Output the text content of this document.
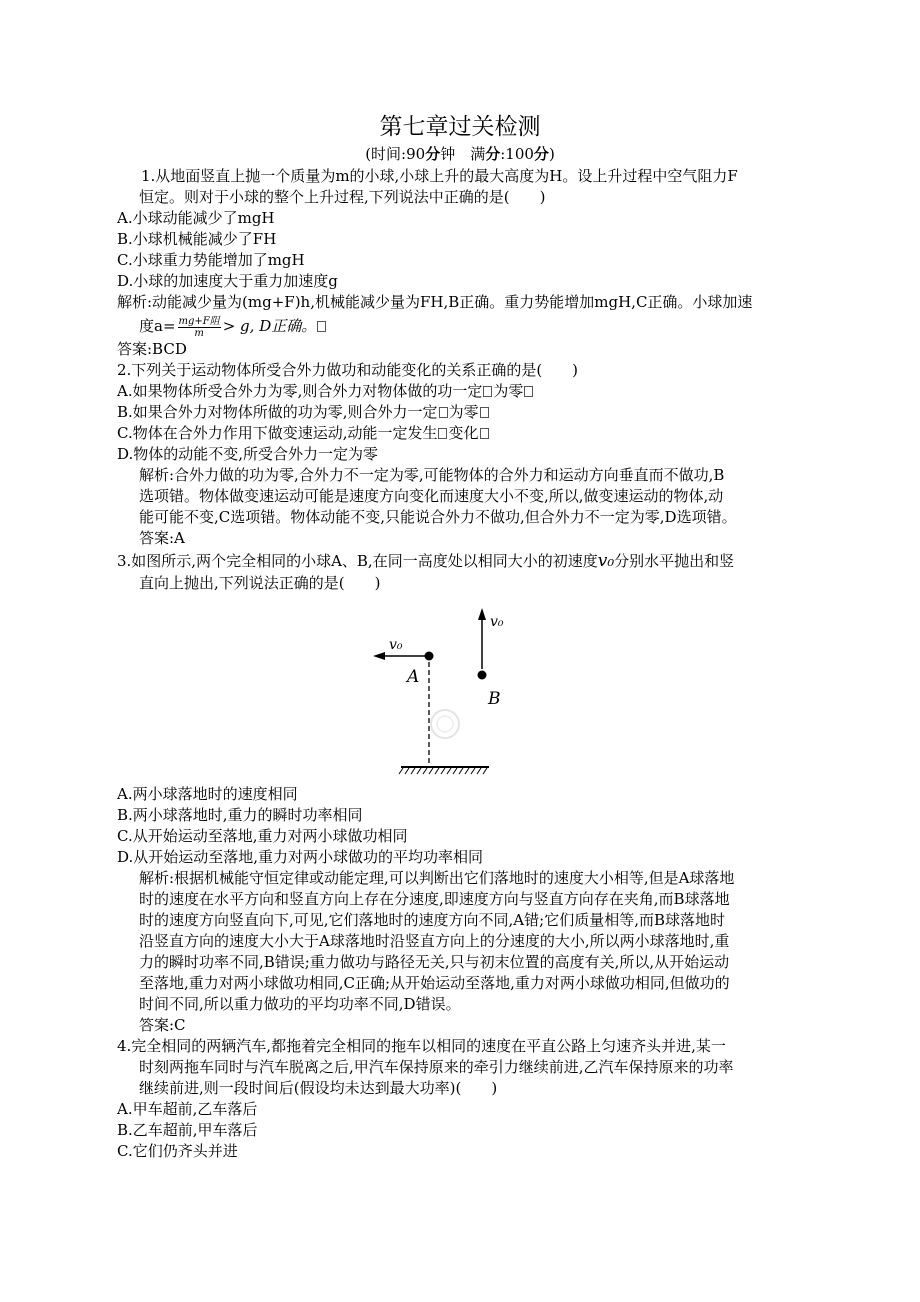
第七章过关检测
(时间:90分钟　满分:100分)

1.从地面竖直上抛一个质量为m的小球,小球上升的最大高度为H。设上升过程中空气阻力F

恒定。则对于小球的整个上升过程,下列说法中正确的是(　　)

A.小球动能减少了mgH

B.小球机械能减少了FH

C.小球重力势能增加了mgH

D.小球的加速度大于重力加速度g

解析:动能减少量为(mg+F)h,机械能减少量为FH,B正确。重力势能增加mgH,C正确。小球加速

度$a= \frac{\text{mg+F阻}}{m} > g$, D正确。

答案:BCD

2.下列关于运动物体所受合外力做功和动能变化的关系正确的是(　　)

A.如果物体所受合外力为零,则合外力对物体做的功一定 为零

B.如果合外力对物体所做的功为零,则合外力一定 为零

C.物体在合外力作用下做变速运动,动能一定发生 变化

D.物体的动能不变,所受合外力一定为零

解析:合外力做的功为零,合外力不一定为零,可能物体的合外力和运动方向垂直而不做功,B

选项错。物体做变速运动可能是速度方向变化而速度大小不变,所以,做变速运动的物体,动

能可能不变,C选项错。物体动能不变,只能说合外力不做功,但合外力不一定为零,D选项错。

答案:A

3.如图所示,两个完全相同的小球A、B,在同一高度处以相同大小的初速度v₀分别水平抛出和竖

直向上抛出,下列说法正确的是(　　)

v₀
B
v₀
A

A.两小球落地时的速度相同

B.两小球落地时,重力的瞬时功率相同

C.从开始运动至落地,重力对两小球做功相同

D.从开始运动至落地,重力对两小球做功的平均功率相同

解析:根据机械能守恒定律或动能定理,可以判断出它们落地时的速度大小相等,但是A球落地

时的速度在水平方向和竖直方向上存在分速度,即速度方向与竖直方向存在夹角,而B球落地

时的速度方向竖直向下,可见,它们落地时的速度方向不同,A错;它们质量相等,而B球落地时

沿竖直方向的速度大小大于A球落地时沿竖直方向上的分速度的大小,所以两小球落地时,重

力的瞬时功率不同,B错误;重力做功与路径无关,只与初末位置的高度有关,所以,从开始运动

至落地,重力对两小球做功相同,C正确;从开始运动至落地,重力对两小球做功相同,但做功的

时间不同,所以重力做功的平均功率不同,D错误。

答案:C

4.完全相同的两辆汽车,都拖着完全相同的拖车以相同的速度在平直公路上匀速齐头并进,某一

时刻两拖车同时与汽车脱离之后,甲汽车保持原来的牵引力继续前进,乙汽车保持原来的功率

继续前进,则一段时间后(假设均未达到最大功率)(　　)

A.甲车超前,乙车落后

B.乙车超前,甲车落后

C.它们仍齐头并进
